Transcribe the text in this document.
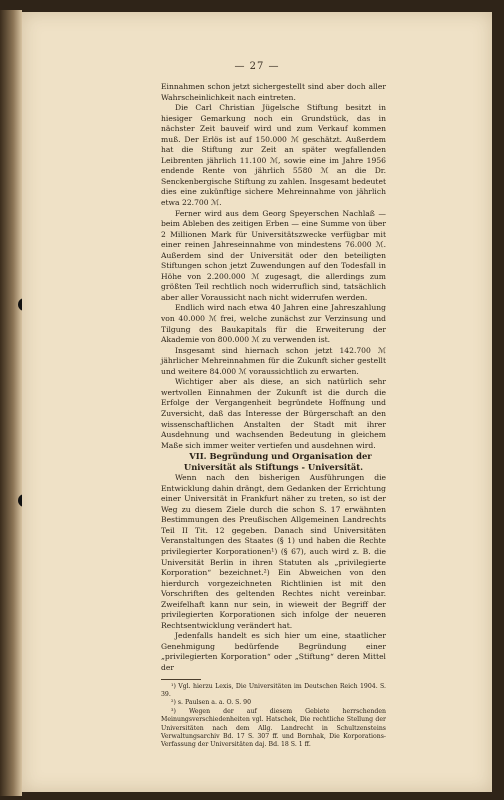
— 27 —

Einnahmen schon jetzt sichergestellt sind aber doch aller Wahrscheinlichkeit nach eintreten.

Die Carl Christian Jügelsche Stiftung besitzt in hiesiger Gemarkung noch ein Grundstück, das in nächster Zeit bauveif wird und zum Verkauf kommen muß. Der Erlös ist auf 150.000 ℳ geschätzt. Außerdem hat die Stiftung zur Zeit an später wegfallenden Leibrenten jährlich 11.100 ℳ, sowie eine im Jahre 1956 endende Rente von jährlich 5580 ℳ an die Dr. Senckenbergische Stiftung zu zahlen. Insgesamt bedeutet dies eine zukünftige sichere Mehreinnahme von jährlich etwa 22.700 ℳ.

Ferner wird aus dem Georg Speyerschen Nachlaß — beim Ableben des zeitigen Erben — eine Summe von über 2 Millionen Mark für Universitätszwecke verfügbar mit einer reinen Jahreseinnahme von mindestens 76.000 ℳ. Außerdem sind der Universität oder den beteiligten Stiftungen schon jetzt Zuwendungen auf den Todesfall in Höhe von 2.200.000 ℳ zugesagt, die allerdings zum größten Teil rechtlich noch widerruflich sind, tatsächlich aber aller Voraussicht nach nicht widerrufen werden.

Endlich wird nach etwa 40 Jahren eine Jahreszahlung von 40.000 ℳ frei, welche zunächst zur Verzinsung und Tilgung des Baukapitals für die Erweiterung der Akademie von 800.000 ℳ zu verwenden ist.

Insgesamt sind hiernach schon jetzt 142.700 ℳ jährlicher Mehreinnahmen für die Zukunft sicher gestellt und weitere 84.000 ℳ voraussichtlich zu erwarten.

Wichtiger aber als diese, an sich natürlich sehr wertvollen Einnahmen der Zukunft ist die durch die Erfolge der Vergangenheit begründete Hoffnung und Zuversicht, daß das Interesse der Bürgerschaft an den wissenschaftlichen Anstalten der Stadt mit ihrer Ausdehnung und wachsenden Bedeutung in gleichem Maße sich immer weiter vertiefen und ausdehnen wird.

VII. Begründung und Organisation der Universität als Stiftungs - Universität.

Wenn nach den bisherigen Ausführungen die Entwicklung dahin drängt, dem Gedanken der Errichtung einer Universität in Frankfurt näher zu treten, so ist der Weg zu diesem Ziele durch die schon S. 17 erwähnten Bestimmungen des Preußischen Allgemeinen Landrechts Teil II Tit. 12 gegeben. Danach sind Universitäten Veranstaltungen des Staates (§ 1) und haben die Rechte privilegierter Korporationen¹) (§ 67), auch wird z. B. die Universität Berlin in ihren Statuten als „privilegierte Korporation“ bezeichnet.²) Ein Abweichen von den hierdurch vorgezeichneten Richtlinien ist mit den Vorschriften des geltenden Rechtes nicht vereinbar. Zweifelhaft kann nur sein, in wieweit der Begriff der privilegierten Korporationen sich infolge der neueren Rechtsentwicklung verändert hat.

Jedenfalls handelt es sich hier um eine, staatlicher Genehmigung bedürfende Begründung einer „privilegierten Korporation“ oder „Stiftung“ deren Mittel der

¹) Vgl. hierzu Lexis, Die Universitäten im Deutschen Reich 1904. S. 39.

²) s. Paulsen a. a. O. S. 90

³) Wegen der auf diesem Gebiete herrschenden Meinungsverschiedenheiten vgl. Hatschek, Die rechtliche Stellung der Universitäten nach dem Allg. Landrecht in Schultzensteins Verwaltungsarchiv Bd. 17 S. 307 ff. und Bornhak, Die Korporations-Verfassung der Universitäten daj. Bd. 18 S. 1 ff.
